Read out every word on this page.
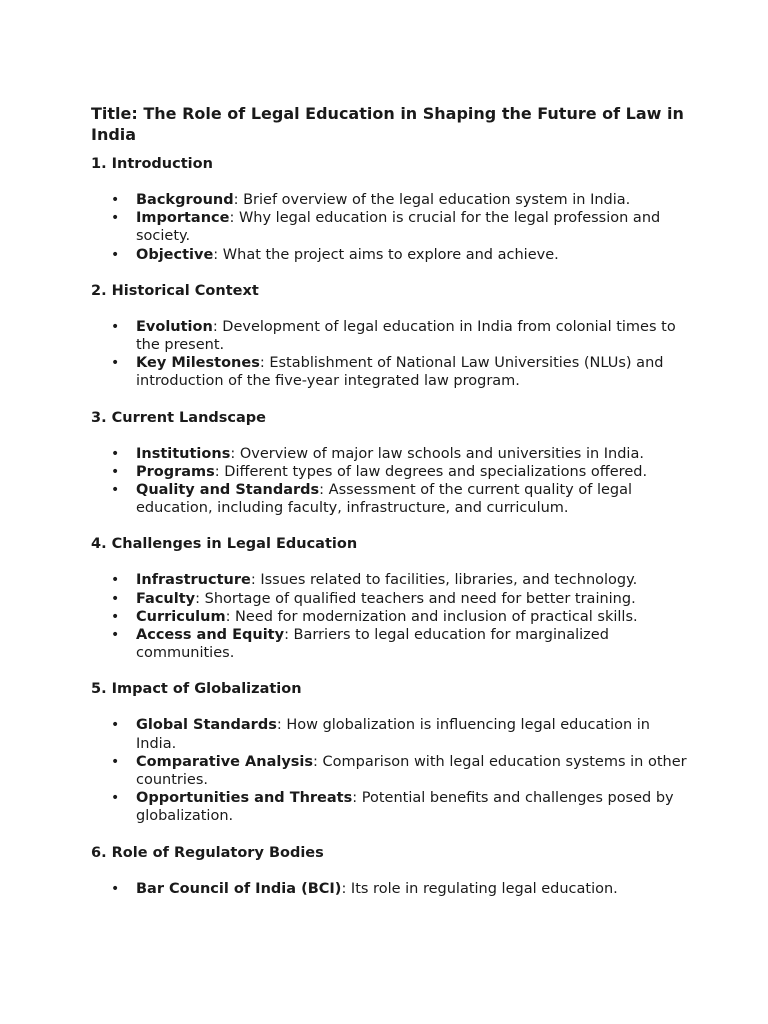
Title: The Role of Legal Education in Shaping the Future of Law in India
1. Introduction
• Background: Brief overview of the legal education system in India.
• Importance: Why legal education is crucial for the legal profession and society.
• Objective: What the project aims to explore and achieve.
2. Historical Context
• Evolution: Development of legal education in India from colonial times to the present.
• Key Milestones: Establishment of National Law Universities (NLUs) and introduction of the five-year integrated law program.
3. Current Landscape
• Institutions: Overview of major law schools and universities in India.
• Programs: Different types of law degrees and specializations offered.
• Quality and Standards: Assessment of the current quality of legal education, including faculty, infrastructure, and curriculum.
4. Challenges in Legal Education
• Infrastructure: Issues related to facilities, libraries, and technology.
• Faculty: Shortage of qualified teachers and need for better training.
• Curriculum: Need for modernization and inclusion of practical skills.
• Access and Equity: Barriers to legal education for marginalized communities.
5. Impact of Globalization
• Global Standards: How globalization is influencing legal education in India.
• Comparative Analysis: Comparison with legal education systems in other countries.
• Opportunities and Threats: Potential benefits and challenges posed by globalization.
6. Role of Regulatory Bodies
• Bar Council of India (BCI): Its role in regulating legal education.
